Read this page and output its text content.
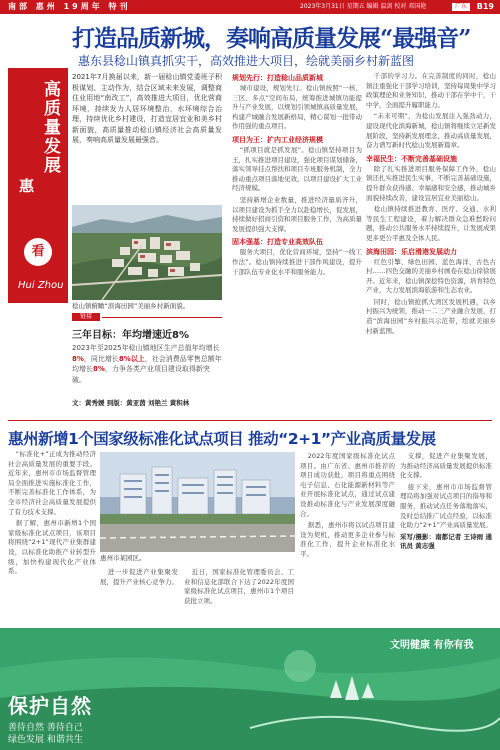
南部 惠州 19周年 特刊	2023年3月31日 星期五 编辑 温剑 校对 邓国艳	广东	B19
打造品质新城，奏响高质量发展“最强音”
惠东县稔山镇真抓实干，高效推进大项目，绘就美丽乡村新蓝图
高质量发展
惠
看
Hui Zhou
2021年7月换届以来，新一届稔山镇党委班子积极谋划、主动作为，结合区域未来发展，调整商住业用地“南改工”，高效推进大项目，优化营商环境，持续发力人居环境整治，水环境综合治理，持续优化乡村建设，打造宜居宜业和美乡村新面貌，高质量推动稔山镇经济社会高质量发展，奏响高质量发展最强音。
稔山镇俯瞰“滨海田园”美丽乡村新面貌。
链接
三年目标：年均增速近8%
2023年至2025年稔山镇地区生产总值年均增长8%，同比增长8%以上，社会消费品零售总额年均增长8%，力争各类产业项目建设取得新突破。
文：黄秀媛 到版：黄亚茵 刘艳兰 黄积林
规划先行：打造稔山品质新城

城市建设，规划先行。稔山镇按照“一核、三区、多点”空间布局，统筹推进城镇功能提升与产业发展，以规划引领城镇高质量发展，构建产城融合发展新格局，精心谋划一批带动作用强的重点项目。

项目为王：扩内工业经济规模

“抓项目就是抓发展”。稔山镇坚持项目为王，扎实推进项目建设，强化项目谋划储备，落实领导挂点帮扶和项目专班服务机制，全力推动重点项目落地见效，以项目建设扩大工业经济规模。

坚持新增企业数量，推进经济量质齐升，以项目建设为抓手全力以赴稳增长，促发展，持续做好招商引资和项目服务工作，为高质量发展提供强大支撑。

固本强基：打造专业高效队伍

服务大项目，优化营商环境，坚持“一线工作法”。稔山镇持续推进干部作风建设，提升干部队伍专业化水平和服务能力。

千部的学习力。在完善制度的同时，稔山镇注重强化干部学习培训，坚持每周集中学习政策理论和业务知识，推动干部在学中干，干中学，全面提升履职能力。

“未来可期”，为稔山发展注入强劲动力，建设现代化滨海新城，稔山镇将继续立足新发展阶段，坚持新发展理念，推动高质量发展，奋力谱写新时代稔山发展新篇章。

幸福民生：不断完善基础设施

除了扎实推进项目服务保障工作外，稔山镇还扎实推进民生实事，不断完善基础设施，提升群众获得感、幸福感和安全感，推动城乡面貌持续改善，建设宜居宜业美丽稔山。

稔山镇持续推进教育、医疗、交通、水利等民生工程建设，着力解决群众急难愁盼问题，推动公共服务水平持续提升，让发展成果更多更公平惠及全体人民。

滨海田园：乐启滑港发展动力

红色引擎、绿色田园、蓝色海洋，古色古村……四色交融的美丽乡村画卷在稔山徐徐展开。近年来，稔山镇深挖特色资源，培育特色产业，大力发展滨海旅游和生态农业。

同时，稔山镇抢抓大湾区发展机遇，以乡村振兴为统领，推动一二三产业融合发展，打造“滨海田园”乡村振兴示范带，绘就美丽乡村新蓝图。

惠州新增1个国家级标准化试点项目 推动“2+1”产业高质量发展

“标准化+”正成为推动经济社会高质量发展的重要手段。近年来，惠州市市场监督管理局全面推进实施标准化工作，不断完善标准化工作体系，为全市经济社会高质量发展提供了有力技术支撑。

据了解，惠州市新增1个国家级标准化试点项目，该项目将围绕“2+1”现代产业集群建设，以标准化助推产业转型升级，加快构建现代化产业体系。

惠州市某园区。

进一步促进产业集聚发展，提升产业核心竞争力。

近日，国家标准化管理委员会、工业和信息化部联合下达了2022年度国家级标准化试点项目，惠州市1个项目获批立项。

2022年度国家级标准化试点项目。由广东省、惠州市推荐的项目成功获批，项目将重点围绕电子信息、石化能源新材料等产业开展标准化试点，通过试点建设推动标准化与产业发展深度融合。

据悉，惠州市将以试点项目建设为契机，推动更多企业参与标准化工作，提升企业标准化水平。

支撑，促进产业集聚发展，为推动经济高质量发展提供标准化支撑。

接下来，惠州市市场监督管理局将加强对试点项目的指导和服务，推动试点任务落地落实，及时总结推广试点经验，以标准化助力“2+1”产业高质量发展。

采写/摄影：南都记者 王诗雨 通讯员 黄志强

文明健康 有你有我
保护自然
善待自然 善待自己
绿色发展 和谐共生
